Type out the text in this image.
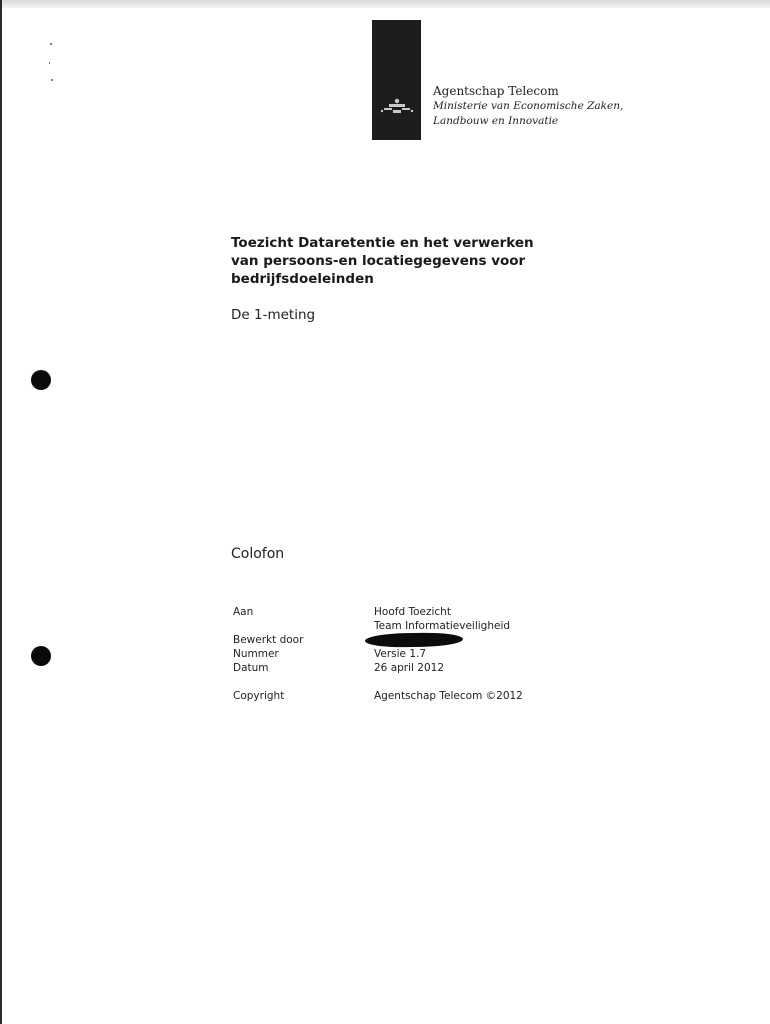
Agentschap Telecom
Ministerie van Economische Zaken,
Landbouw en Innovatie
Toezicht Dataretentie en het verwerken
van persoons-en locatiegegevens voor
bedrijfsdoeleinden
De 1-meting
Colofon
Aan	Hoofd Toezicht
Team Informatieveiligheid
Bewerkt door
Nummer	Versie 1.7
Datum	26 april 2012
Copyright	Agentschap Telecom ©2012
